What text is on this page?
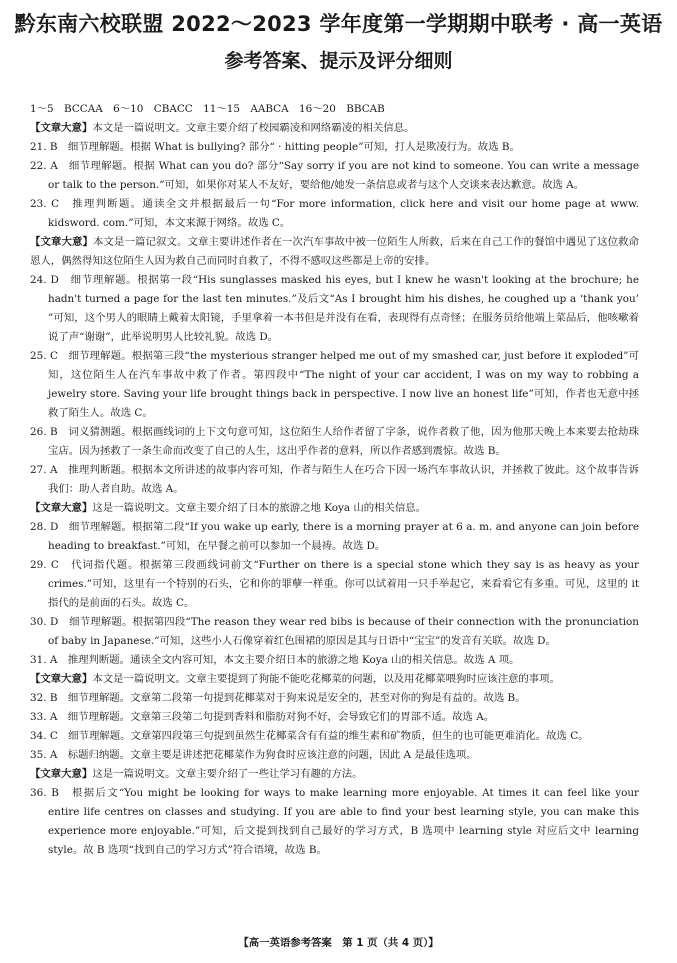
黔东南六校联盟 2022～2023 学年度第一学期期中联考 · 高一英语
参考答案、提示及评分细则

1～5　BCCAA　6～10　CBACC　11～15　AABCA　16～20　BBCAB

【文章大意】本文是一篇说明文。文章主要介绍了校园霸凌和网络霸凌的相关信息。

21. B　细节理解题。根据 What is bullying? 部分“ · hitting people”可知，打人是欺凌行为。故选 B。

22. A　细节理解题。根据 What can you do? 部分“Say sorry if you are not kind to someone. You can write a message or talk to the person.”可知，如果你对某人不友好，要给他/她发一条信息或者与这个人交谈来表达歉意。故选 A。

23. C　推理判断题。通读全文并根据最后一句“For more information, click here and visit our home page at www. kidsword. com.”可知，本文来源于网络。故选 C。

【文章大意】本文是一篇记叙文。文章主要讲述作者在一次汽车事故中被一位陌生人所救，后来在自己工作的餐馆中遇见了这位救命恩人，偶然得知这位陌生人因为救自己而同时自救了，不得不感叹这些都是上帝的安排。

24. D　细节理解题。根据第一段“His sunglasses masked his eyes, but I knew he wasn't looking at the brochure; he hadn't turned a page for the last ten minutes.”及后文“As I brought him his dishes, he coughed up a ‘thank you’ ”可知，这个男人的眼睛上戴着太阳镜，手里拿着一本书但是并没有在看，表现得有点奇怪；在服务员给他端上菜品后，他咳嗽着说了声“谢谢”，此举说明男人比较礼貌。故选 D。

25. C　细节理解题。根据第三段“the mysterious stranger helped me out of my smashed car, just before it exploded”可知，这位陌生人在汽车事故中救了作者。第四段中“The night of your car accident, I was on my way to robbing a jewelry store. Saving your life brought things back in perspective. I now live an honest life”可知，作者也无意中拯救了陌生人。故选 C。

26. B　词义猜测题。根据画线词的上下文句意可知，这位陌生人给作者留了字条，说作者救了他，因为他那天晚上本来要去抢劫珠宝店。因为拯救了一条生命而改变了自己的人生，这出乎作者的意料，所以作者感到震惊。故选 B。

27. A　推理判断题。根据本文所讲述的故事内容可知，作者与陌生人在巧合下因一场汽车事故认识，并拯救了彼此。这个故事告诉我们：助人者自助。故选 A。

【文章大意】这是一篇说明文。文章主要介绍了日本的旅游之地 Koya 山的相关信息。

28. D　细节理解题。根据第二段“If you wake up early, there is a morning prayer at 6 a. m. and anyone can join before heading to breakfast.”可知，在早餐之前可以参加一个晨祷。故选 D。

29. C　代词指代题。根据第三段画线词前文“Further on there is a special stone which they say is as heavy as your crimes.”可知，这里有一个特别的石头，它和你的罪孽一样重。你可以试着用一只手举起它，来看看它有多重。可见，这里的 it 指代的是前面的石头。故选 C。

30. D　细节理解题。根据第四段“The reason they wear red bibs is because of their connection with the pronunciation of baby in Japanese.”可知，这些小人石像穿着红色围裙的原因是其与日语中“宝宝”的发音有关联。故选 D。

31. A　推理判断题。通读全文内容可知，本文主要介绍日本的旅游之地 Koya 山的相关信息。故选 A 项。

【文章大意】本文是一篇说明文。文章主要提到了狗能不能吃花椰菜的问题，以及用花椰菜喂狗时应该注意的事项。

32. B　细节理解题。文章第二段第一句提到花椰菜对于狗来说是安全的，甚至对你的狗是有益的。故选 B。

33. A　细节理解题。文章第三段第二句提到香料和脂肪对狗不好，会导致它们的胃部不适。故选 A。

34. C　细节理解题。文章第四段第三句提到虽然生花椰菜含有有益的维生素和矿物质，但生的也可能更难消化。故选 C。

35. A　标题归纳题。文章主要是讲述把花椰菜作为狗食时应该注意的问题，因此 A 是最佳选项。

【文章大意】这是一篇说明文。文章主要介绍了一些让学习有趣的方法。

36. B　根据后文“You might be looking for ways to make learning more enjoyable. At times it can feel like your entire life centres on classes and studying. If you are able to find your best learning style, you can make this experience more enjoyable.”可知，后文提到找到自己最好的学习方式，B 选项中 learning style 对应后文中 learning style。故 B 选项“找到自己的学习方式”符合语境，故选 B。

【高一英语参考答案　第 1 页（共 4 页）】
